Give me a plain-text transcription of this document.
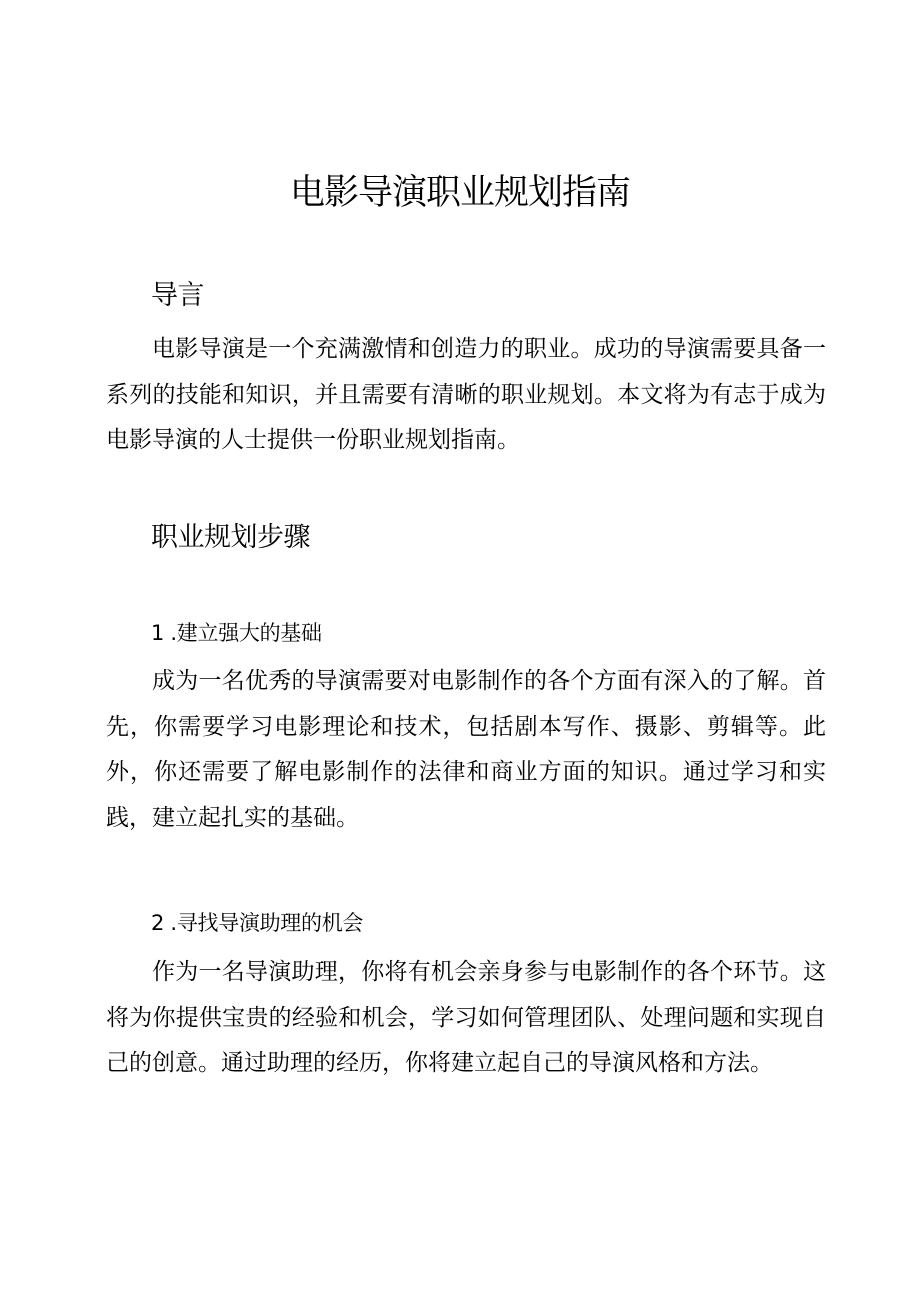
电影导演职业规划指南
导言

电影导演是一个充满激情和创造力的职业。成功的导演需要具备一系列的技能和知识，并且需要有清晰的职业规划。本文将为有志于成为电影导演的人士提供一份职业规划指南。

职业规划步骤
1 .建立强大的基础

成为一名优秀的导演需要对电影制作的各个方面有深入的了解。首先，你需要学习电影理论和技术，包括剧本写作、摄影、剪辑等。此外，你还需要了解电影制作的法律和商业方面的知识。通过学习和实践，建立起扎实的基础。

2 .寻找导演助理的机会

作为一名导演助理，你将有机会亲身参与电影制作的各个环节。这将为你提供宝贵的经验和机会，学习如何管理团队、处理问题和实现自己的创意。通过助理的经历，你将建立起自己的导演风格和方法。
